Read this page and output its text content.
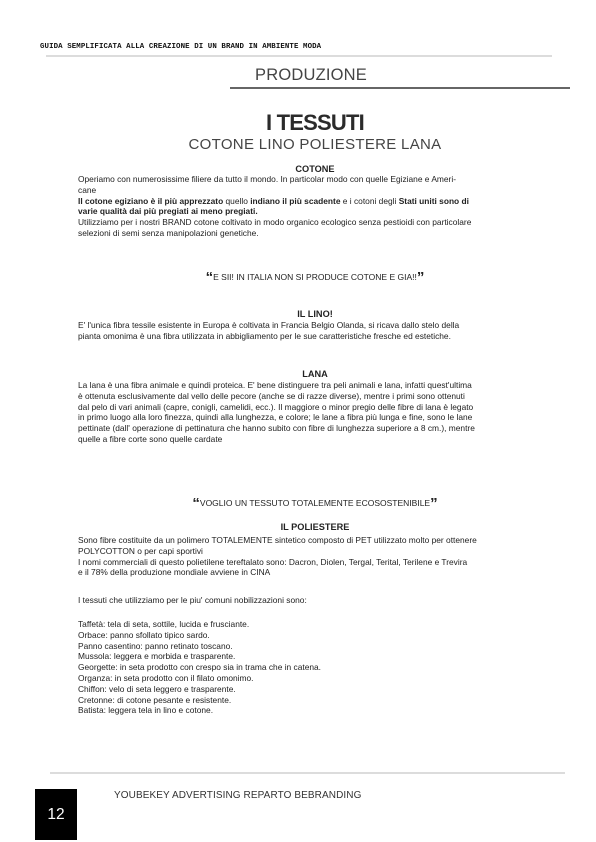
GUIDA SEMPLIFICATA ALLA CREAZIONE DI UN BRAND IN AMBIENTE MODA
PRODUZIONE
I TESSUTI
COTONE LINO POLIESTERE LANA
COTONE
Operiamo con numerosissime filiere da tutto il mondo. In particolar modo con quelle Egiziane e Ameri-
cane
Il cotone egiziano è il più apprezzato quello indiano il più scadente e i cotoni degli Stati uniti sono di
varie qualità dai più pregiati ai meno pregiati.
Utilizziamo per i nostri BRAND cotone coltivato in modo organico ecologico senza pestioidi con particolare
selezioni di semi senza manipolazioni genetiche.
“E SII! IN ITALIA NON SI PRODUCE COTONE E GIA!!”
IL LINO!
E' l'unica fibra tessile esistente in Europa è coltivata in Francia Belgio Olanda, si ricava dallo stelo della
pianta omonima è una fibra utilizzata in abbigliamento per le sue caratteristiche fresche ed estetiche.
LANA
La lana è una fibra animale e quindi proteica. E' bene distinguere tra peli animali e lana, infatti quest'ultima
è ottenuta esclusivamente dal vello delle pecore (anche se di razze diverse), mentre i primi sono ottenuti
dal pelo di vari animali (capre, conigli, camelidi, ecc.). Il maggiore o minor pregio delle fibre di lana è legato
in primo luogo alla loro finezza, quindi alla lunghezza, e colore; le lane a fibra più lunga e fine, sono le lane
pettinate (dall' operazione di pettinatura che hanno subito con fibre di lunghezza superiore a 8 cm.), mentre
quelle a fibre corte sono quelle cardate
“VOGLIO UN TESSUTO TOTALEMENTE ECOSOSTENIBILE”
IL POLIESTERE
Sono fibre costituite da un polimero TOTALEMENTE sintetico composto di PET utilizzato molto per ottenere
POLYCOTTON o per capi sportivi
I nomi commerciali di questo polietilene tereftalato sono: Dacron, Diolen, Tergal, Terital, Terilene e Trevira
e il 78% della produzione mondiale avviene in CINA
I tessuti che utilizziamo per le piu' comuni nobilizzazioni sono:
Taffetà: tela di seta, sottile, lucida e frusciante.
Orbace: panno sfollato tipico sardo.
Panno casentino: panno retinato toscano.
Mussola: leggera e morbida e trasparente.
Georgette: in seta prodotto con crespo sia in trama che in catena.
Organza: in seta prodotto con il filato omonimo.
Chiffon: velo di seta leggero e trasparente.
Cretonne: di cotone pesante e resistente.
Batista: leggera tela in lino e cotone.
12
YOUBEKEY ADVERTISING REPARTO BEBRANDING
